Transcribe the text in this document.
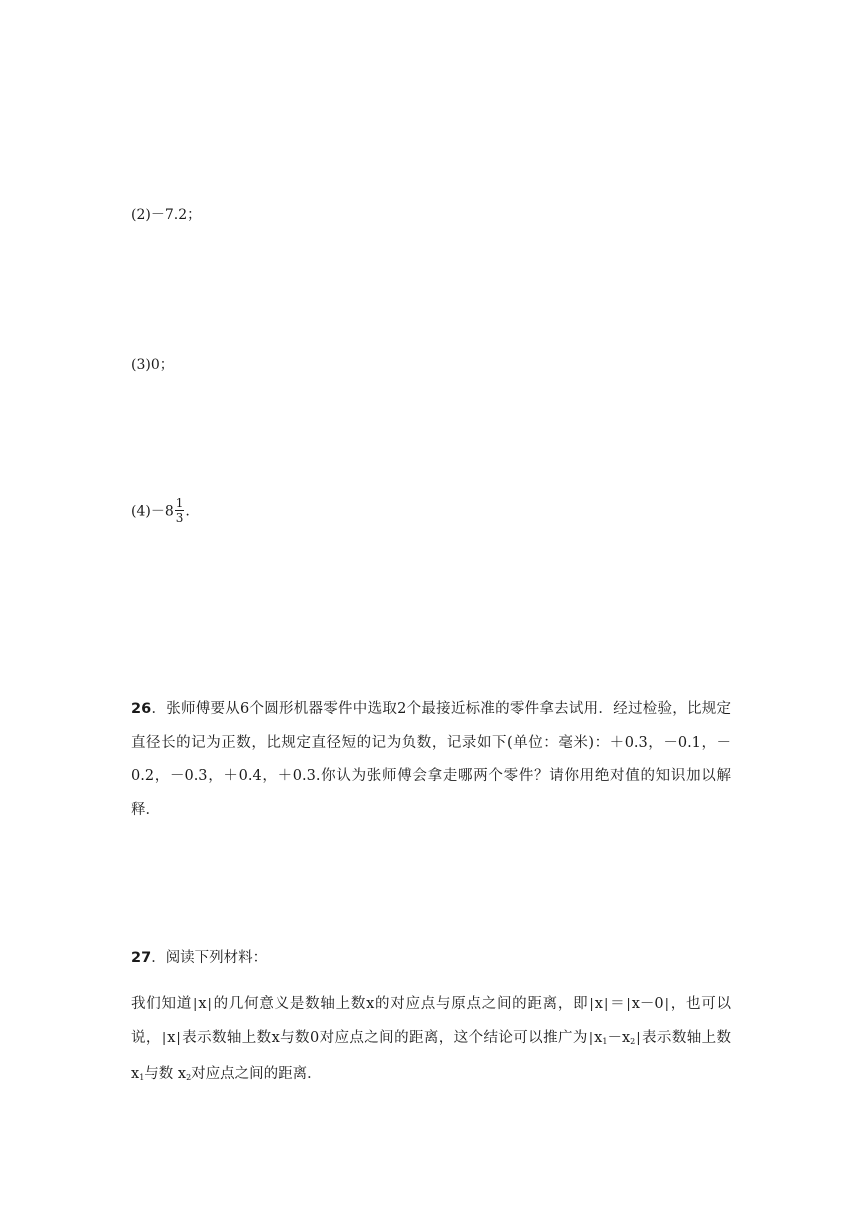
(2)－7.2；
(3)0；
$(4)-8 \frac{1}{3}$ .
26．张师傅要从6个圆形机器零件中选取2个最接近标准的零件拿去试用．经过检验，比规定直径长的记为正数，比规定直径短的记为负数，记录如下(单位：毫米)：＋0.3，－0.1，－0.2，－0.3，＋0.4，＋0.3.你认为张师傅会拿走哪两个零件？请你用绝对值的知识加以解释．
27．阅读下列材料：
我们知道 | x | 的几何意义是数轴上数x的对应点与原点之间的距离，即 | x | ＝ | x－0 | ，也可以说， | x | 表示数轴上数x与数0对应点之间的距离，这个结论可以推广为 | $x_1-x_2$ | 表示数轴上数 $x_1$与数 $x_2$对应点之间的距离．
